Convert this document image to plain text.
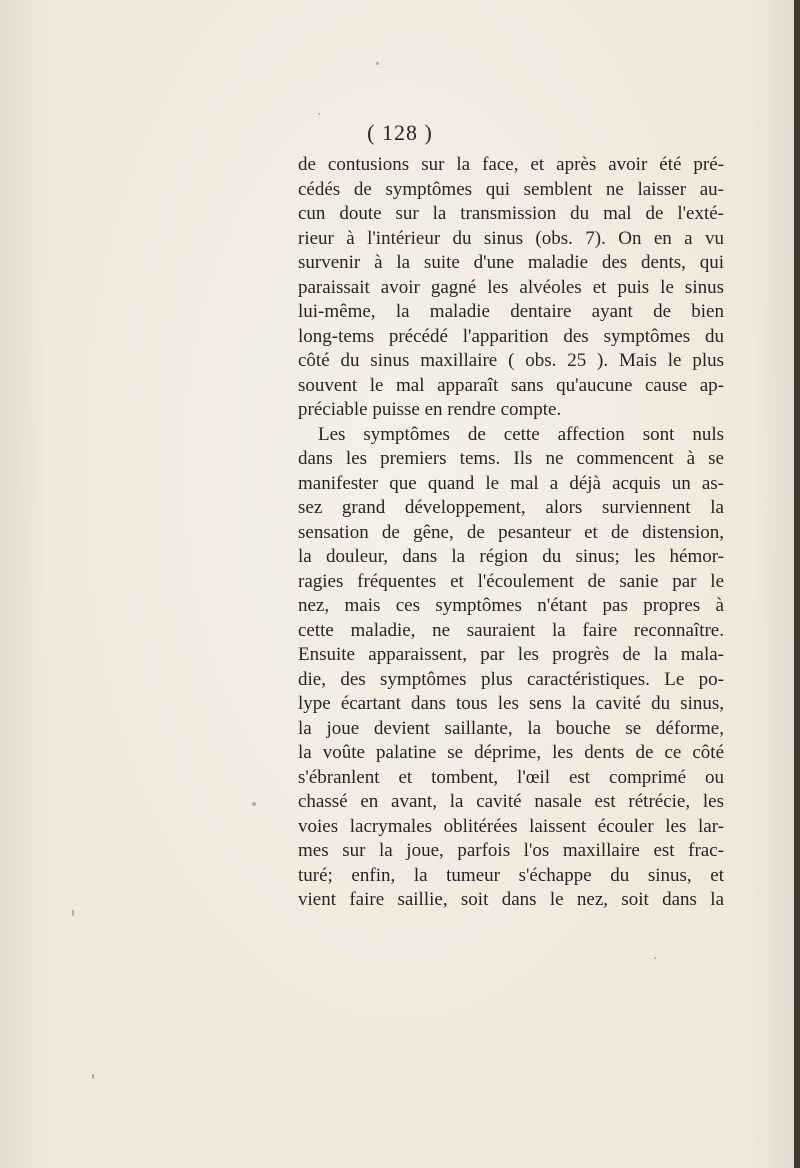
( 128 )
de contusions sur la face, et après avoir été pré-
cédés de symptômes qui semblent ne laisser au-
cun doute sur la transmission du mal de l'exté-
rieur à l'intérieur du sinus (obs. 7). On en a vu
survenir à la suite d'une maladie des dents, qui
paraissait avoir gagné les alvéoles et puis le sinus
lui-même, la maladie dentaire ayant de bien
long-tems précédé l'apparition des symptômes du
côté du sinus maxillaire ( obs. 25 ). Mais le plus
souvent le mal apparaît sans qu'aucune cause ap-
préciable puisse en rendre compte.
Les symptômes de cette affection sont nuls
dans les premiers tems. Ils ne commencent à se
manifester que quand le mal a déjà acquis un as-
sez grand développement, alors surviennent la
sensation de gêne, de pesanteur et de distension,
la douleur, dans la région du sinus; les hémor-
ragies fréquentes et l'écoulement de sanie par le
nez, mais ces symptômes n'étant pas propres à
cette maladie, ne sauraient la faire reconnaître.
Ensuite apparaissent, par les progrès de la mala-
die, des symptômes plus caractéristiques. Le po-
lype écartant dans tous les sens la cavité du sinus,
la joue devient saillante, la bouche se déforme,
la voûte palatine se déprime, les dents de ce côté
s'ébranlent et tombent, l'œil est comprimé ou
chassé en avant, la cavité nasale est rétrécie, les
voies lacrymales oblitérées laissent écouler les lar-
mes sur la joue, parfois l'os maxillaire est frac-
turé; enfin, la tumeur s'échappe du sinus, et
vient faire saillie, soit dans le nez, soit dans la
